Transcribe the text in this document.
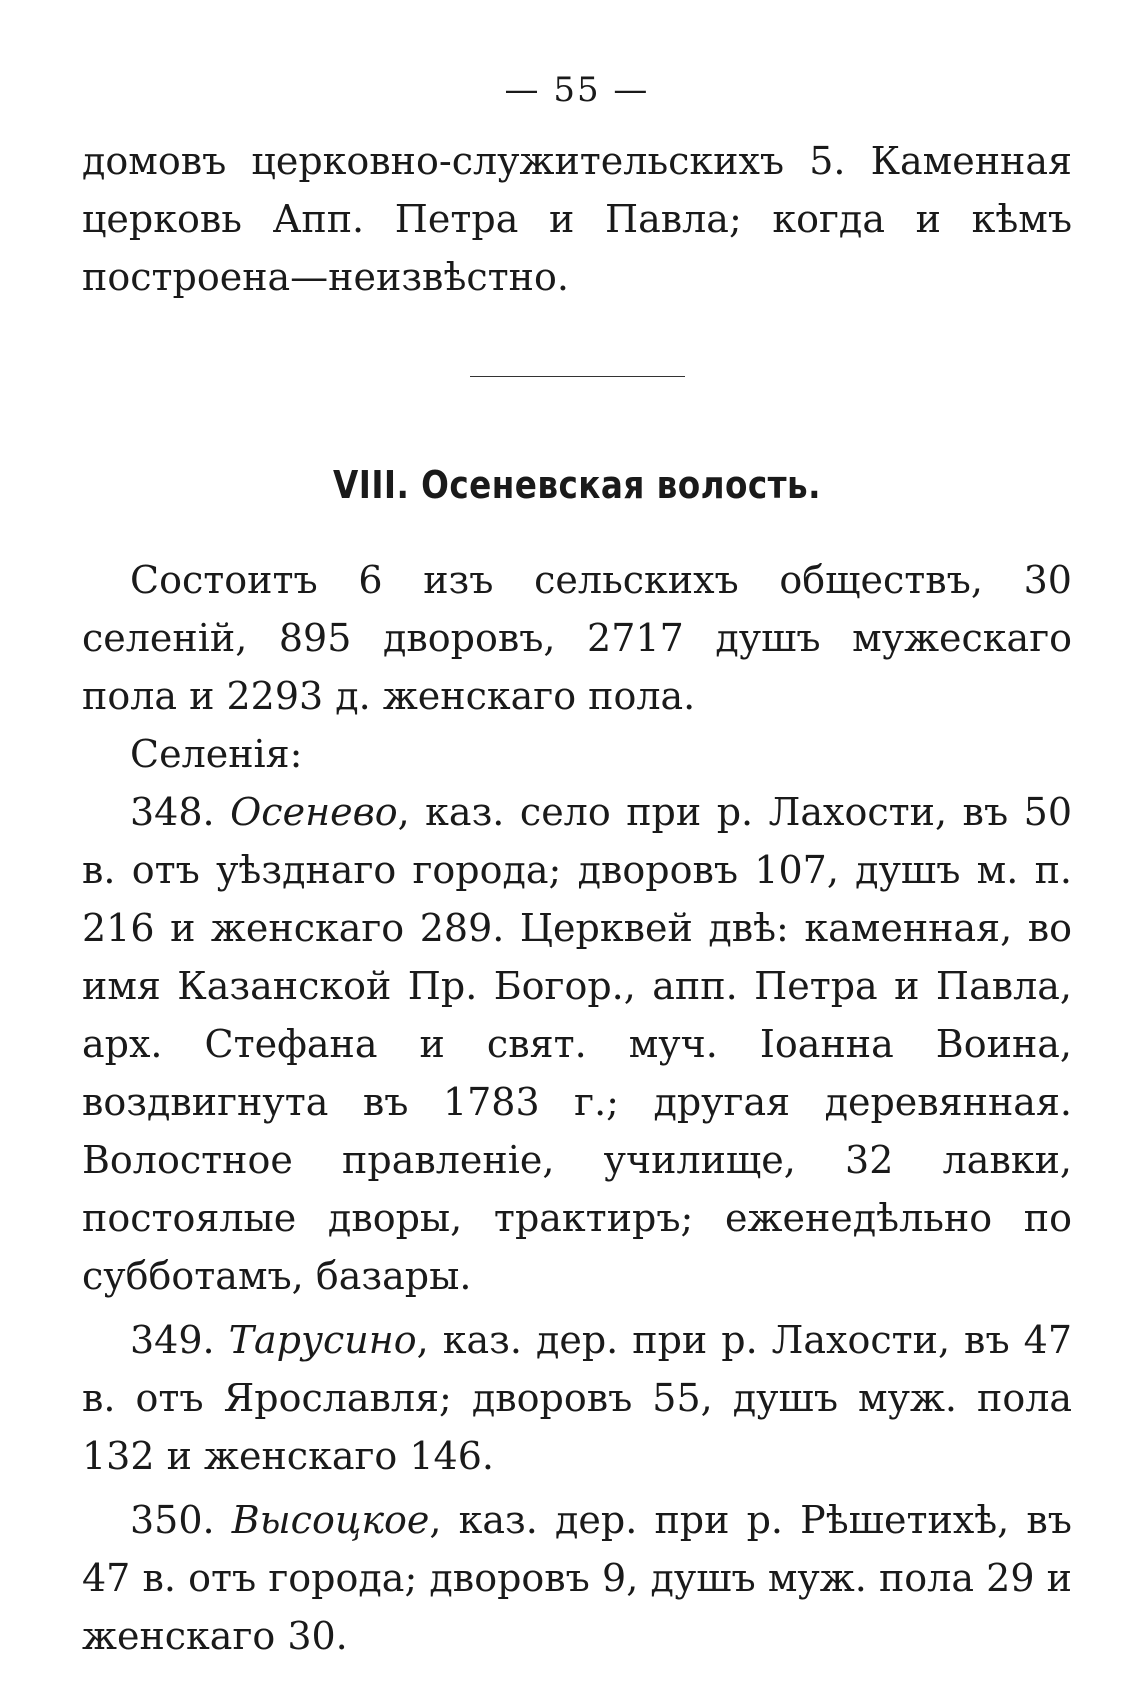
— 55 —

домовъ церковно-служительскихъ 5. Каменная церковь Апп. Петра и Павла; когда и кѣмъ построена—неизвѣстно.

VIII. Осеневская волость.

Состоитъ 6 изъ сельскихъ обществъ, 30 селеній, 895 дворовъ, 2717 душъ мужескаго пола и 2293 д. женскаго пола.

Селенія:

348. Осенево, каз. село при р. Лахости, въ 50 в. отъ уѣзднаго города; дворовъ 107, душъ м. п. 216 и женскаго 289. Церквей двѣ: каменная, во имя Казанской Пр. Богор., апп. Петра и Павла, арх. Стефана и свят. муч. Іоанна Воина, воздвигнута въ 1783 г.; другая деревянная. Волостное правленіе, училище, 32 лавки, постоялые дворы, трактиръ; еженедѣльно по субботамъ, базары.

349. Тарусино, каз. дер. при р. Лахости, въ 47 в. отъ Ярославля; дворовъ 55, душъ муж. пола 132 и женскаго 146.

350. Высоцкое, каз. дер. при р. Рѣшетихѣ, въ 47 в. отъ города; дворовъ 9, душъ муж. пола 29 и женскаго 30.
